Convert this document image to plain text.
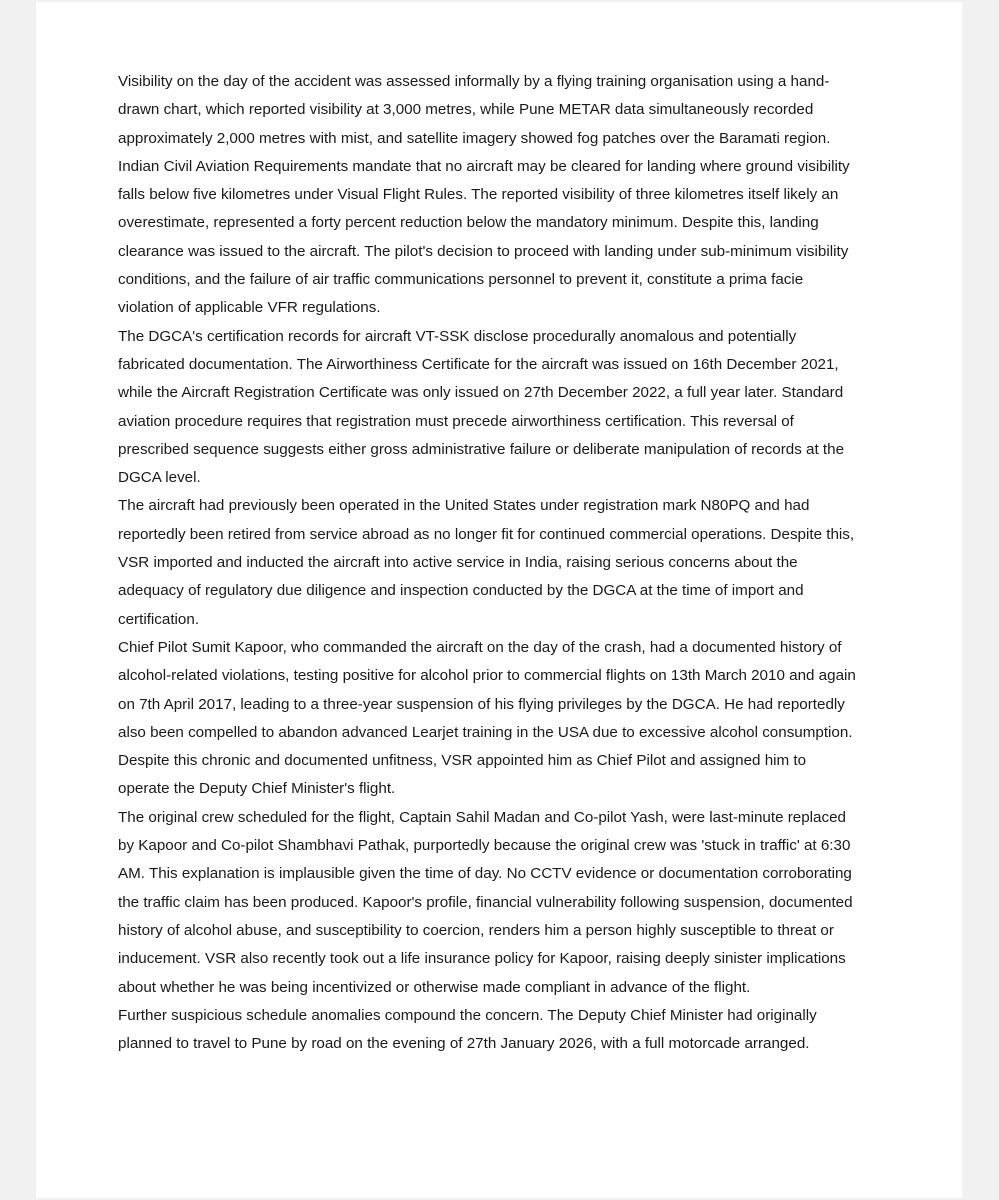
Visibility on the day of the accident was assessed informally by a flying training organisation using a hand-drawn chart, which reported visibility at 3,000 metres, while Pune METAR data simultaneously recorded approximately 2,000 metres with mist, and satellite imagery showed fog patches over the Baramati region.

Indian Civil Aviation Requirements mandate that no aircraft may be cleared for landing where ground visibility falls below five kilometres under Visual Flight Rules. The reported visibility of three kilometres itself likely an overestimate, represented a forty percent reduction below the mandatory minimum. Despite this, landing clearance was issued to the aircraft. The pilot's decision to proceed with landing under sub-minimum visibility conditions, and the failure of air traffic communications personnel to prevent it, constitute a prima facie violation of applicable VFR regulations.

The DGCA's certification records for aircraft VT-SSK disclose procedurally anomalous and potentially fabricated documentation. The Airworthiness Certificate for the aircraft was issued on 16th December 2021, while the Aircraft Registration Certificate was only issued on 27th December 2022, a full year later. Standard aviation procedure requires that registration must precede airworthiness certification. This reversal of prescribed sequence suggests either gross administrative failure or deliberate manipulation of records at the DGCA level.

The aircraft had previously been operated in the United States under registration mark N80PQ and had reportedly been retired from service abroad as no longer fit for continued commercial operations. Despite this, VSR imported and inducted the aircraft into active service in India, raising serious concerns about the adequacy of regulatory due diligence and inspection conducted by the DGCA at the time of import and certification.

Chief Pilot Sumit Kapoor, who commanded the aircraft on the day of the crash, had a documented history of alcohol-related violations, testing positive for alcohol prior to commercial flights on 13th March 2010 and again on 7th April 2017, leading to a three-year suspension of his flying privileges by the DGCA. He had reportedly also been compelled to abandon advanced Learjet training in the USA due to excessive alcohol consumption. Despite this chronic and documented unfitness, VSR appointed him as Chief Pilot and assigned him to operate the Deputy Chief Minister's flight.

The original crew scheduled for the flight, Captain Sahil Madan and Co-pilot Yash, were last-minute replaced by Kapoor and Co-pilot Shambhavi Pathak, purportedly because the original crew was 'stuck in traffic' at 6:30 AM. This explanation is implausible given the time of day. No CCTV evidence or documentation corroborating the traffic claim has been produced. Kapoor's profile, financial vulnerability following suspension, documented history of alcohol abuse, and susceptibility to coercion, renders him a person highly susceptible to threat or inducement. VSR also recently took out a life insurance policy for Kapoor, raising deeply sinister implications about whether he was being incentivized or otherwise made compliant in advance of the flight.

Further suspicious schedule anomalies compound the concern. The Deputy Chief Minister had originally planned to travel to Pune by road on the evening of 27th January 2026, with a full motorcade arranged.
